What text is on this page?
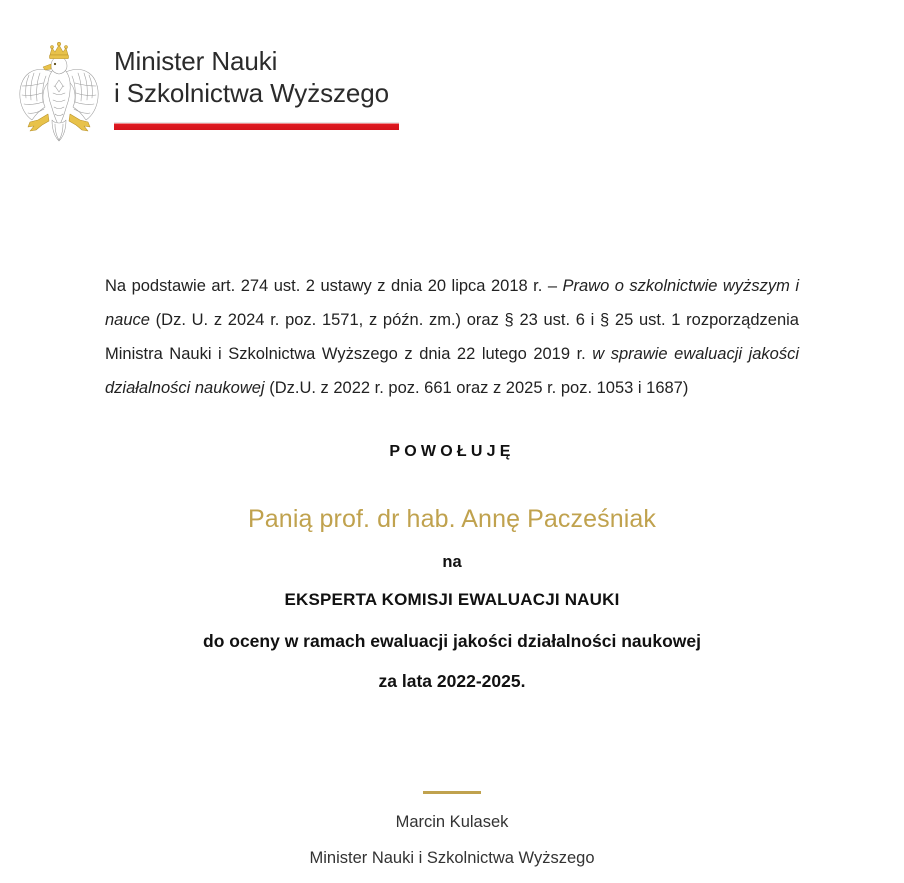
Minister Nauki
i Szkolnictwa Wyższego

Na podstawie art. 274 ust. 2 ustawy z dnia 20 lipca 2018 r. – Prawo o szkolnictwie wyższym i nauce (Dz. U. z 2024 r. poz. 1571, z późn. zm.) oraz § 23 ust. 6 i § 25 ust. 1 rozporządzenia Ministra Nauki i Szkolnictwa Wyższego z dnia 22 lutego 2019 r. w sprawie ewaluacji jakości działalności naukowej (Dz.U. z 2022 r. poz. 661 oraz z 2025 r. poz. 1053 i 1687)

POWOŁUJĘ
Panią prof. dr hab. Annę Pacześniak
na
EKSPERTA KOMISJI EWALUACJI NAUKI
do oceny w ramach ewaluacji jakości działalności naukowej
za lata 2022-2025.
Marcin Kulasek
Minister Nauki i Szkolnictwa Wyższego
